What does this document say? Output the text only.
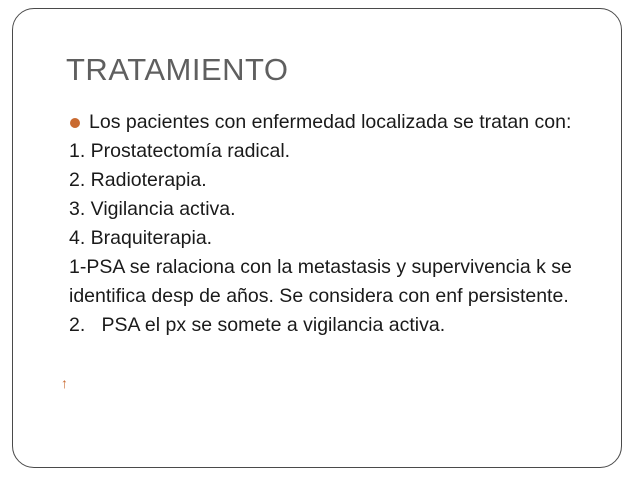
TRATAMIENTO
Los pacientes con enfermedad localizada se tratan con:
1. Prostatectomía radical.
2. Radioterapia.
3. Vigilancia activa.
4. Braquiterapia.
1-PSA se ralaciona con la metastasis y supervivencia k se identifica desp de años. Se considera con enf persistente.
2.   PSA el px se somete a vigilancia activa.
↑
